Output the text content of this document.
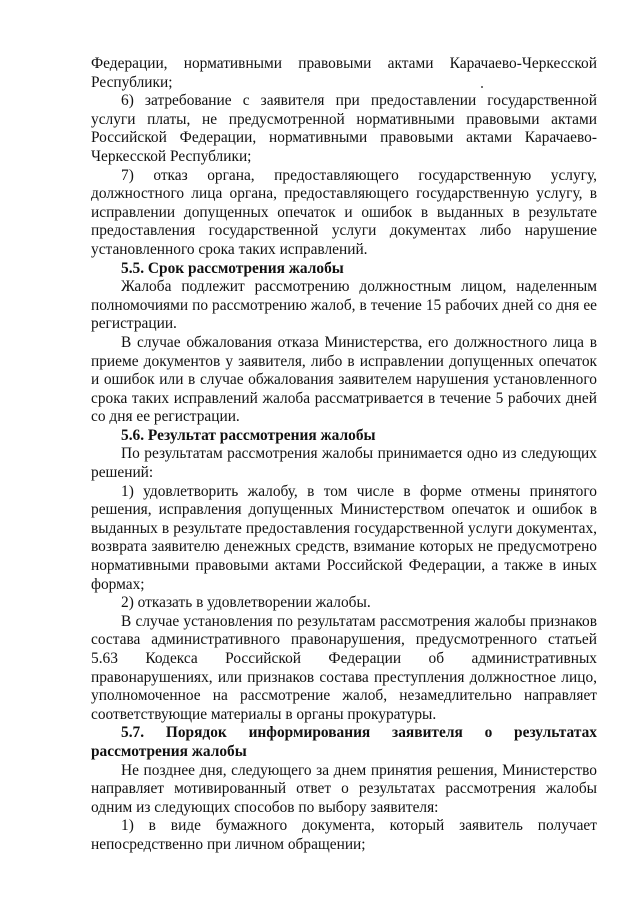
Федерации, нормативными правовыми актами Карачаево-Черкесской Республики;

6) затребование с заявителя при предоставлении государственной услуги платы, не предусмотренной нормативными правовыми актами Российской Федерации, нормативными правовыми актами Карачаево-Черкесской Республики;

7) отказ органа, предоставляющего государственную услугу, должностного лица органа, предоставляющего государственную услугу, в исправлении допущенных опечаток и ошибок в выданных в результате предоставления государственной услуги документах либо нарушение установленного срока таких исправлений.

5.5. Срок рассмотрения жалобы

Жалоба подлежит рассмотрению должностным лицом, наделенным полномочиями по рассмотрению жалоб, в течение 15 рабочих дней со дня ее регистрации.

В случае обжалования отказа Министерства, его должностного лица в приеме документов у заявителя, либо в исправлении допущенных опечаток и ошибок или в случае обжалования заявителем нарушения установленного срока таких исправлений жалоба рассматривается в течение 5 рабочих дней со дня ее регистрации.

5.6. Результат рассмотрения жалобы

По результатам рассмотрения жалобы принимается одно из следующих решений:

1) удовлетворить жалобу, в том числе в форме отмены принятого решения, исправления допущенных Министерством опечаток и ошибок в выданных в результате предоставления государственной услуги документах, возврата заявителю денежных средств, взимание которых не предусмотрено нормативными правовыми актами Российской Федерации, а также в иных формах;

2) отказать в удовлетворении жалобы.

В случае установления по результатам рассмотрения жалобы признаков состава административного правонарушения, предусмотренного статьей 5.63 Кодекса Российской Федерации об административных правонарушениях, или признаков состава преступления должностное лицо, уполномоченное на рассмотрение жалоб, незамедлительно направляет соответствующие материалы в органы прокуратуры.

5.7. Порядок информирования заявителя о результатах рассмотрения жалобы

Не позднее дня, следующего за днем принятия решения, Министерство направляет мотивированный ответ о результатах рассмотрения жалобы одним из следующих способов по выбору заявителя:

1) в виде бумажного документа, который заявитель получает непосредственно при личном обращении;
